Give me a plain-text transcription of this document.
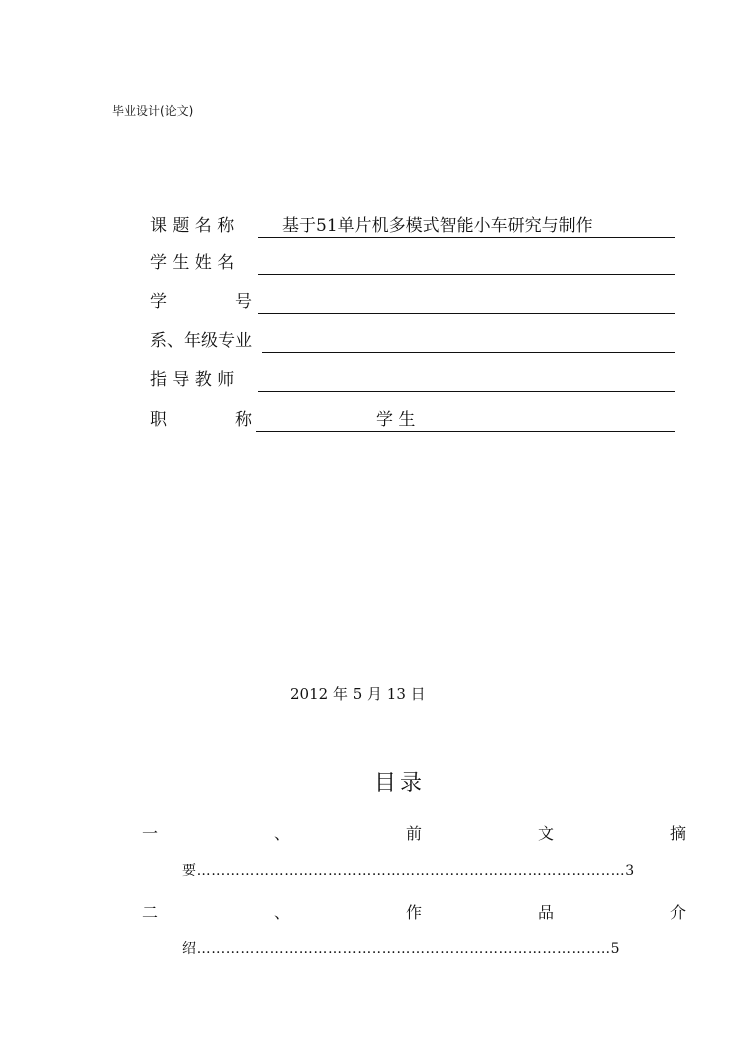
毕业设计(论文)
课 题 名 称	基于51单片机多模式智能小车研究与制作
学 生 姓 名
学　　　　号
系、年级专业
指 导 教 师
职　　　　称	学 生
2012 年 5 月 13 日
目录
一	、	前	文	摘
要……………………………………………‥…………………………‥…3
二	、	作	品	介
绍………………………………‥……………………………………‥…5
